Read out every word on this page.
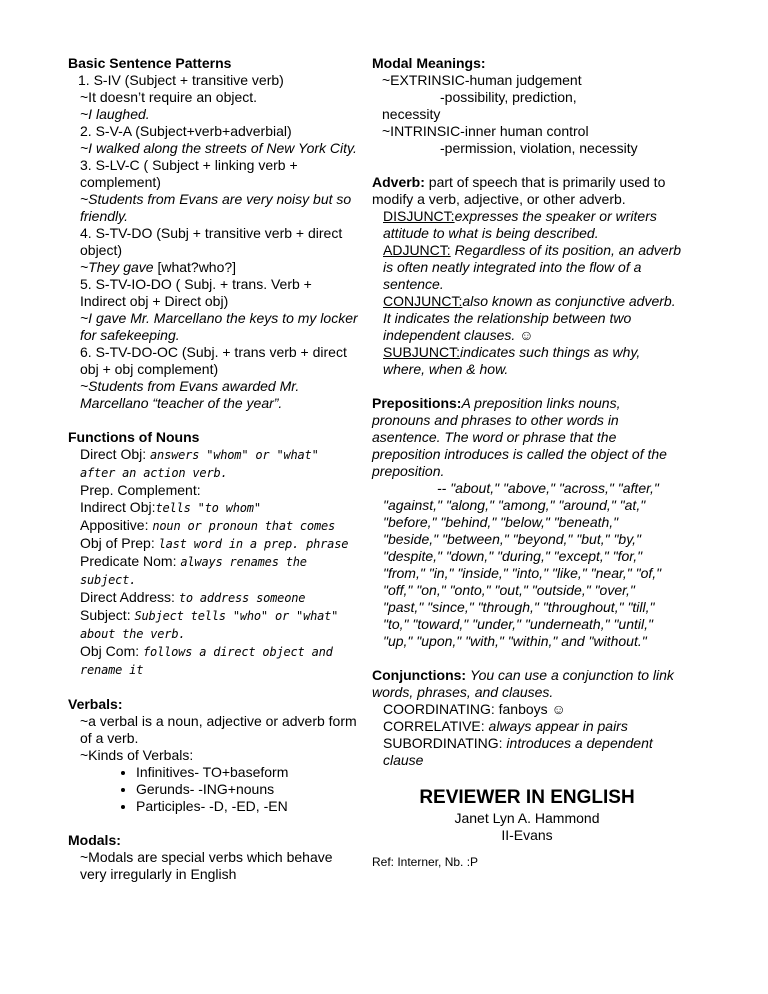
Basic Sentence Patterns
1. S-IV (Subject + transitive verb)
~It doesn’t require an object.
~I laughed.
2. S-V-A (Subject+verb+adverbial)
~I walked along the streets of New York City.
3. S-LV-C ( Subject + linking verb + complement)
~Students from Evans are very noisy but so friendly.
4. S-TV-DO (Subj + transitive verb + direct object)
~They gave [what?who?]
5. S-TV-IO-DO ( Subj. + trans. Verb + Indirect obj + Direct obj)
~I gave Mr. Marcellano the keys to my locker for safekeeping.
6. S-TV-DO-OC (Subj. + trans verb + direct obj + obj complement)
~Students from Evans awarded Mr. Marcellano “teacher of the year”.
Functions of Nouns
Direct Obj: answers "whom" or "what" after an action verb.
Prep. Complement:
Indirect Obj:tells "to whom"
Appositive: noun or pronoun that comes
Obj of Prep: last word in a prep. phrase
Predicate Nom: always renames the subject.
Direct Address: to address someone
Subject: Subject tells "who" or "what" about the verb.
Obj Com: follows a direct object and rename it
Verbals:
~a verbal is a noun, adjective or adverb form of a verb.
~Kinds of Verbals:
• Infinitives- TO+baseform
• Gerunds- -ING+nouns
• Participles- -D, -ED, -EN
Modals:
~Modals are special verbs which behave very irregularly in English
Modal Meanings:
~EXTRINSIC-human judgement
-possibility, prediction,
necessity
~INTRINSIC-inner human control
-permission, violation, necessity
Adverb: part of speech that is primarily used to modify a verb, adjective, or other adverb.
DISJUNCT:expresses the speaker or writers attitude to what is being described.
ADJUNCT: Regardless of its position, an adverb is often neatly integrated into the flow of a sentence.
CONJUNCT:also known as conjunctive adverb. It indicates the relationship between two independent clauses. ☺
SUBJUNCT:indicates such things as why, where, when & how.
Prepositions:A preposition links nouns, pronouns and phrases to other words in asentence. The word or phrase that the preposition introduces is called the object of the preposition.
-- "about," "above," "across," "after,"
"against," "along," "among," "around," "at,"
"before," "behind," "below," "beneath,"
"beside," "between," "beyond," "but," "by,"
"despite," "down," "during," "except," "for,"
"from," "in," "inside," "into," "like," "near," "of,"
"off," "on," "onto," "out," "outside," "over,"
"past," "since," "through," "throughout," "till,"
"to," "toward," "under," "underneath," "until,"
"up," "upon," "with," "within," and "without."
Conjunctions: You can use a conjunction to link words, phrases, and clauses.
COORDINATING: fanboys ☺
CORRELATIVE: always appear in pairs
SUBORDINATING: introduces a dependent clause
REVIEWER IN ENGLISH
Janet Lyn A. Hammond
II-Evans
Ref: Interner, Nb. :P
